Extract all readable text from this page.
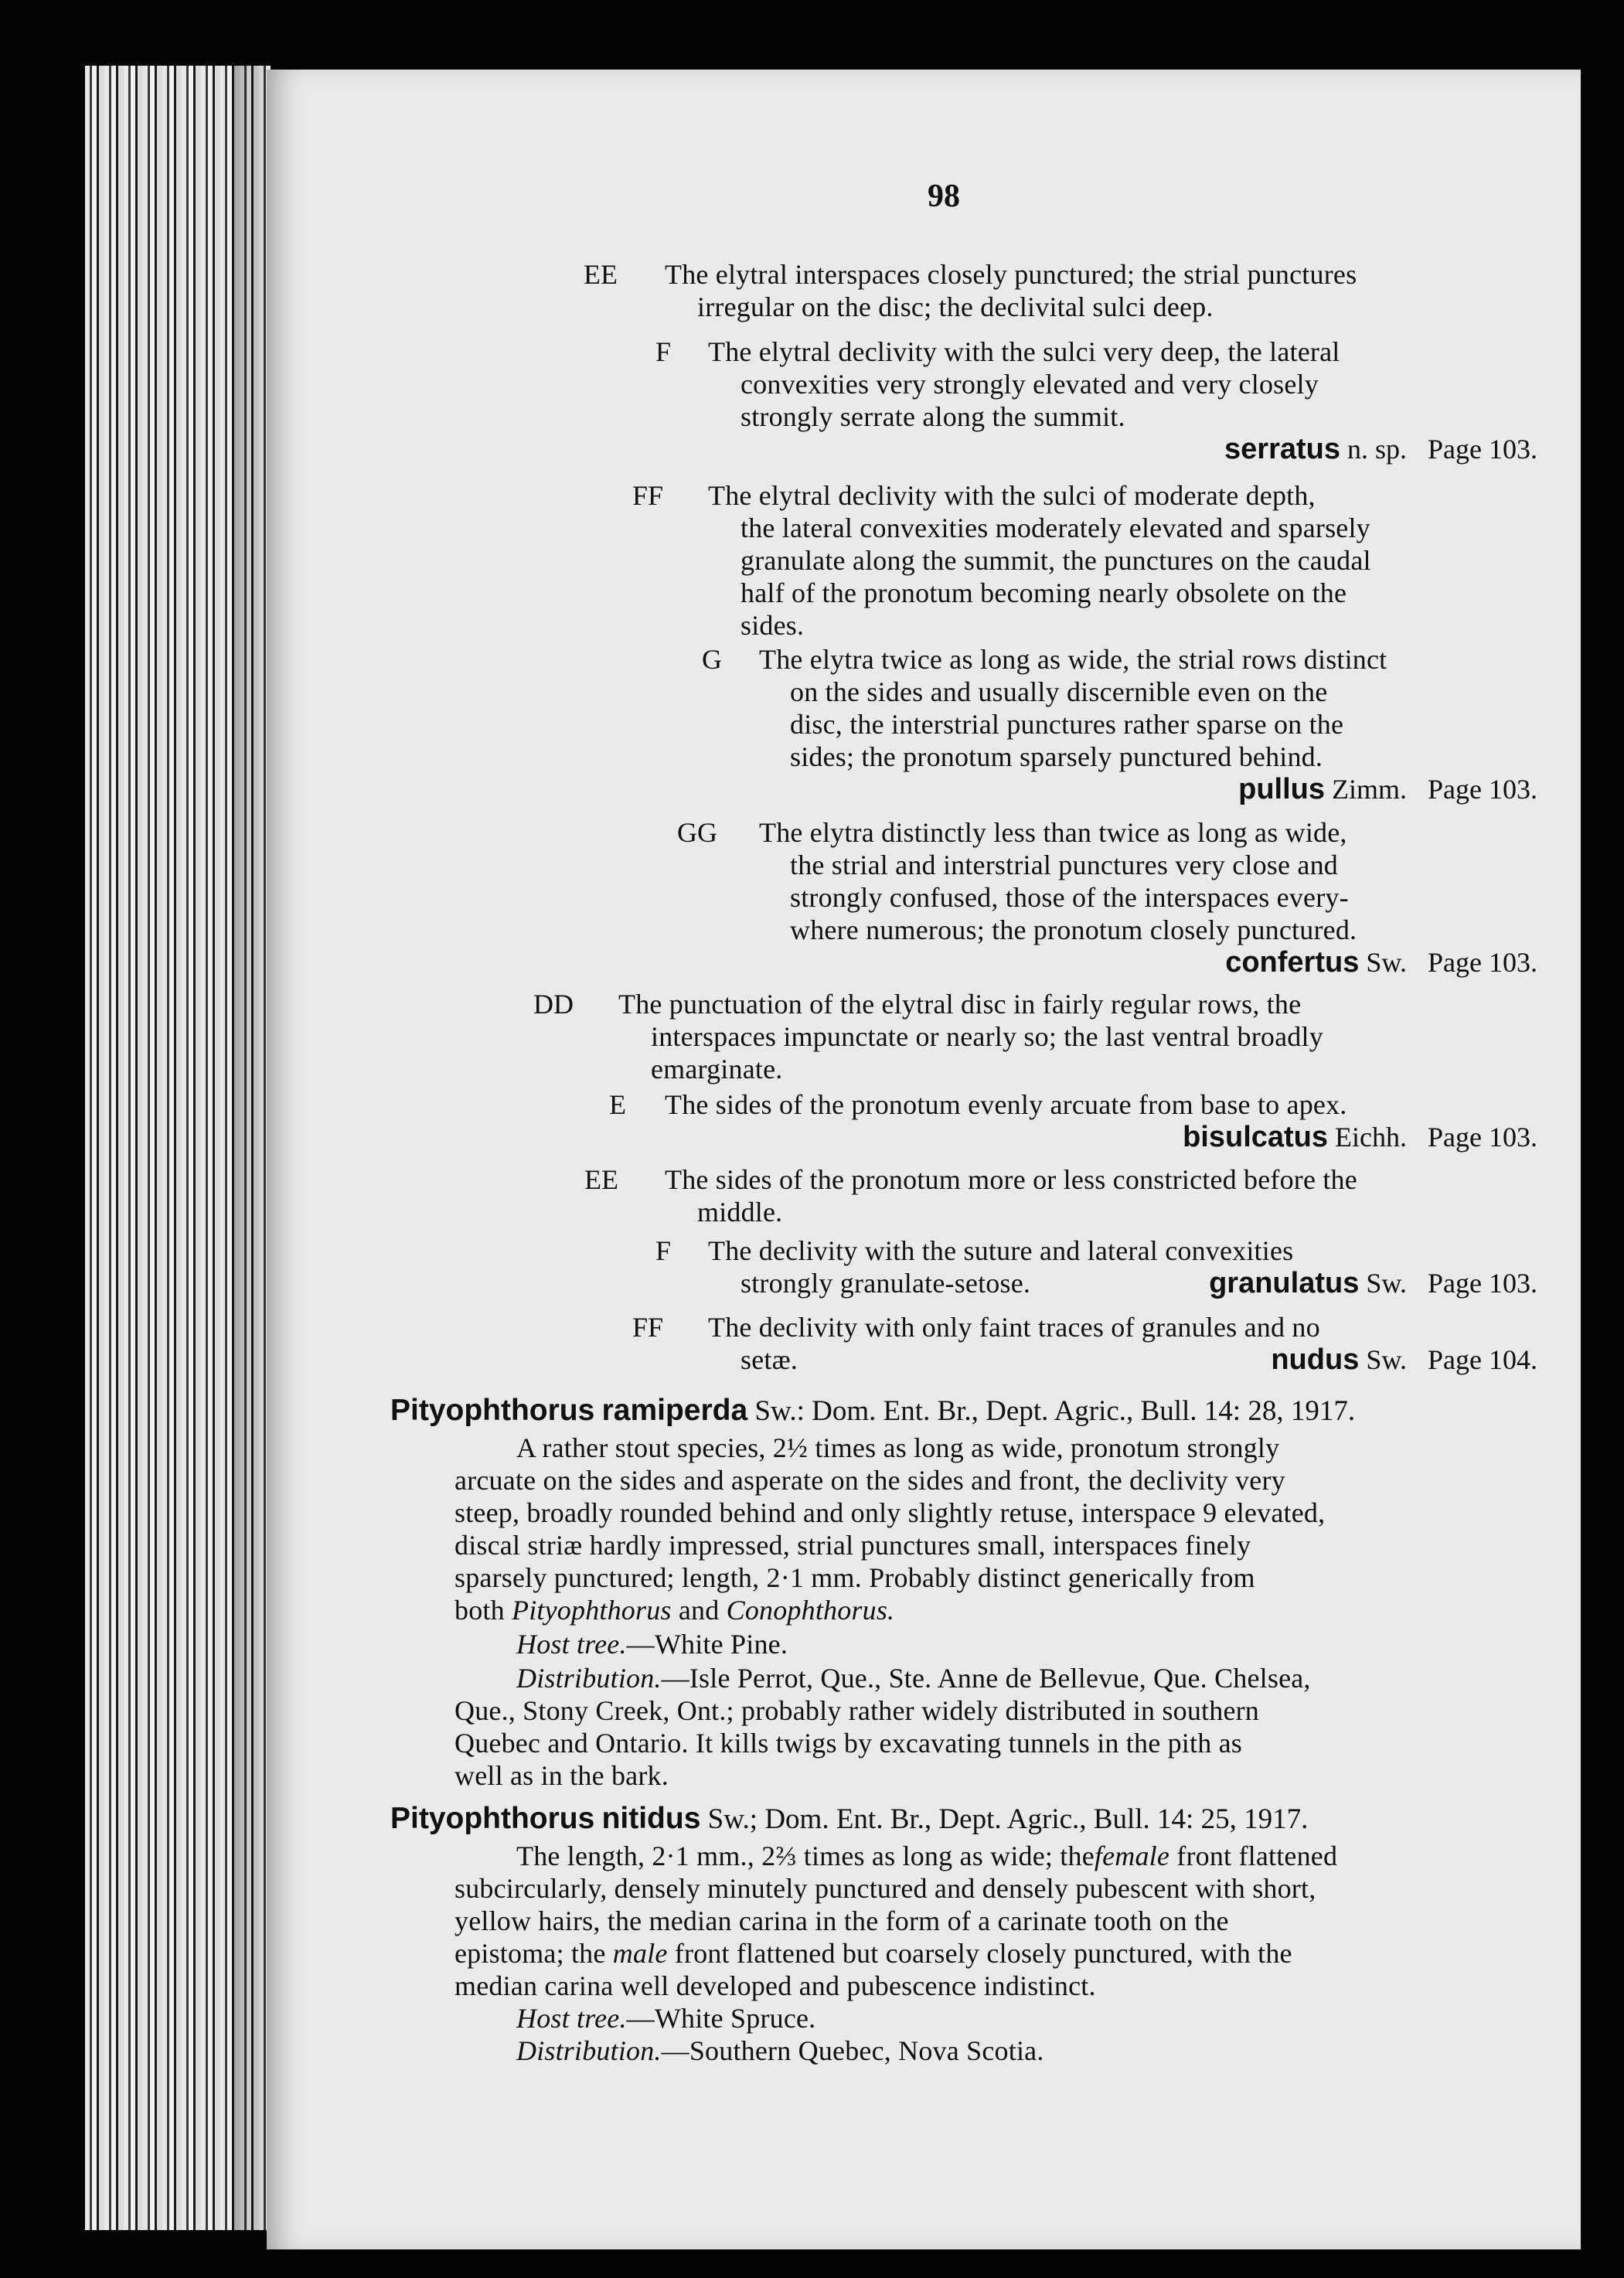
98
EE The elytral interspaces closely punctured; the strial punctures
irregular on the disc; the declivital sulci deep.
F The elytral declivity with the sulci very deep, the lateral
convexities very strongly elevated and very closely
strongly serrate along the summit.
serratus n. sp. Page 103.
FF The elytral declivity with the sulci of moderate depth,
the lateral convexities moderately elevated and sparsely
granulate along the summit, the punctures on the caudal
half of the pronotum becoming nearly obsolete on the
sides.
G The elytra twice as long as wide, the strial rows distinct
on the sides and usually discernible even on the
disc, the interstrial punctures rather sparse on the
sides; the pronotum sparsely punctured behind.
pullus Zimm. Page 103.
GG The elytra distinctly less than twice as long as wide,
the strial and interstrial punctures very close and
strongly confused, those of the interspaces every-
where numerous; the pronotum closely punctured.
confertus Sw. Page 103.
DD The punctuation of the elytral disc in fairly regular rows, the
interspaces impunctate or nearly so; the last ventral broadly
emarginate.
E The sides of the pronotum evenly arcuate from base to apex.
bisulcatus Eichh. Page 103.
EE The sides of the pronotum more or less constricted before the
middle.
F The declivity with the suture and lateral convexities
strongly granulate-setose.	granulatus Sw. Page 103.
FF The declivity with only faint traces of granules and no
setæ.	nudus Sw. Page 104.
Pityophthorus ramiperda Sw.: Dom. Ent. Br., Dept. Agric., Bull. 14: 28, 1917.
A rather stout species, 2½ times as long as wide, pronotum strongly
arcuate on the sides and asperate on the sides and front, the declivity very
steep, broadly rounded behind and only slightly retuse, interspace 9 elevated,
discal striæ hardly impressed, strial punctures small, interspaces finely
sparsely punctured; length, 2·1 mm. Probably distinct generically from
both Pityophthorus and Conophthorus.
Host tree.—White Pine.
Distribution.—Isle Perrot, Que., Ste. Anne de Bellevue, Que. Chelsea,
Que., Stony Creek, Ont.; probably rather widely distributed in southern
Quebec and Ontario. It kills twigs by excavating tunnels in the pith as
well as in the bark.
Pityophthorus nitidus Sw.; Dom. Ent. Br., Dept. Agric., Bull. 14: 25, 1917.
The length, 2·1 mm., 2⅔ times as long as wide; thefemale front flattened
subcircularly, densely minutely punctured and densely pubescent with short,
yellow hairs, the median carina in the form of a carinate tooth on the
epistoma; the male front flattened but coarsely closely punctured, with the
median carina well developed and pubescence indistinct.
Host tree.—White Spruce.
Distribution.—Southern Quebec, Nova Scotia.
